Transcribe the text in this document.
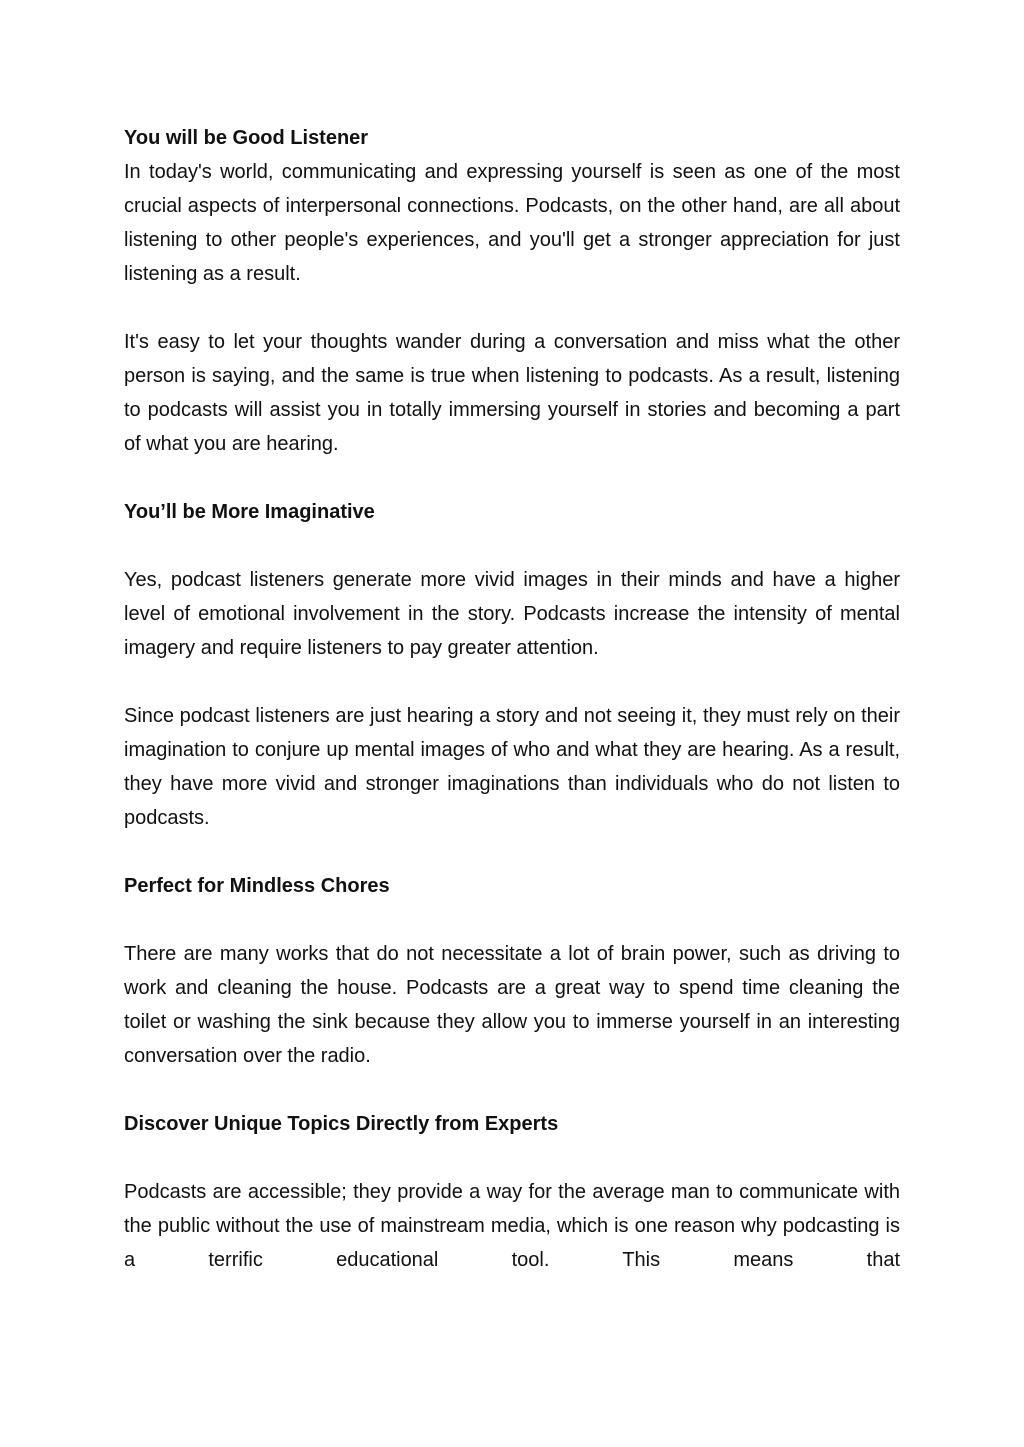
You will be Good Listener

In today's world, communicating and expressing yourself is seen as one of the most crucial aspects of interpersonal connections. Podcasts, on the other hand, are all about listening to other people's experiences, and you'll get a stronger appreciation for just listening as a result.

It's easy to let your thoughts wander during a conversation and miss what the other person is saying, and the same is true when listening to podcasts. As a result, listening to podcasts will assist you in totally immersing yourself in stories and becoming a part of what you are hearing.

You’ll be More Imaginative

Yes, podcast listeners generate more vivid images in their minds and have a higher level of emotional involvement in the story. Podcasts increase the intensity of mental imagery and require listeners to pay greater attention.

Since podcast listeners are just hearing a story and not seeing it, they must rely on their imagination to conjure up mental images of who and what they are hearing. As a result, they have more vivid and stronger imaginations than individuals who do not listen to podcasts.

Perfect for Mindless Chores

There are many works that do not necessitate a lot of brain power, such as driving to work and cleaning the house. Podcasts are a great way to spend time cleaning the toilet or washing the sink because they allow you to immerse yourself in an interesting conversation over the radio.

Discover Unique Topics Directly from Experts

Podcasts are accessible; they provide a way for the average man to communicate with the public without the use of mainstream media, which is one reason why podcasting is a terrific educational tool. This means that
